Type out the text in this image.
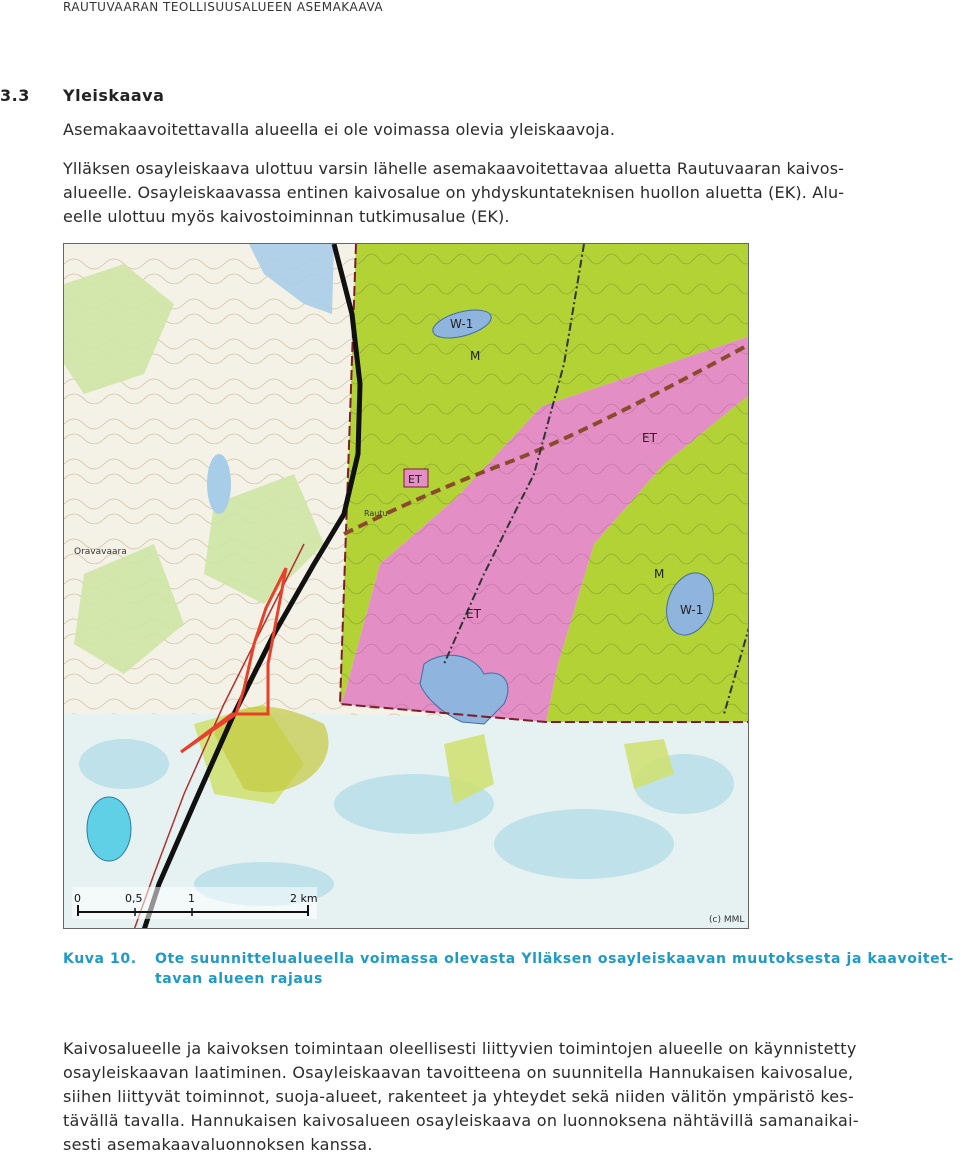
RAUTUVAARAN TEOLLISUUSALUEEN ASEMAKAAVA
3.3 Yleiskaava
Asemakaavoitettavalla alueella ei ole voimassa olevia yleiskaavoja.
Ylläksen osayleiskaava ulottuu varsin lähelle asemakaavoitettavaa aluetta Rautuvaaran kaivos-
alueelle. Osayleiskaavassa entinen kaivosalue on yhdyskuntateknisen huollon aluetta (EK). Alu-
eelle ulottuu myös kaivostoiminnan tutkimusalue (EK).
ET
W-1
M
ET
ET
M
W-1
Oravavaara
Rautu
0	0,5	1	2 km
(c) MML
Kuva 10. Ote suunnittelualueella voimassa olevasta Ylläksen osayleiskaavan muutoksesta ja kaavoitet-
tavan alueen rajaus
Kaivosalueelle ja kaivoksen toimintaan oleellisesti liittyvien toimintojen alueelle on käynnistetty
osayleiskaavan laatiminen. Osayleiskaavan tavoitteena on suunnitella Hannukaisen kaivosalue,
siihen liittyvät toiminnot, suoja-alueet, rakenteet ja yhteydet sekä niiden välitön ympäristö kes-
tävällä tavalla. Hannukaisen kaivosalueen osayleiskaava on luonnoksena nähtävillä samanaikai-
sesti asemakaavaluonnoksen kanssa.
